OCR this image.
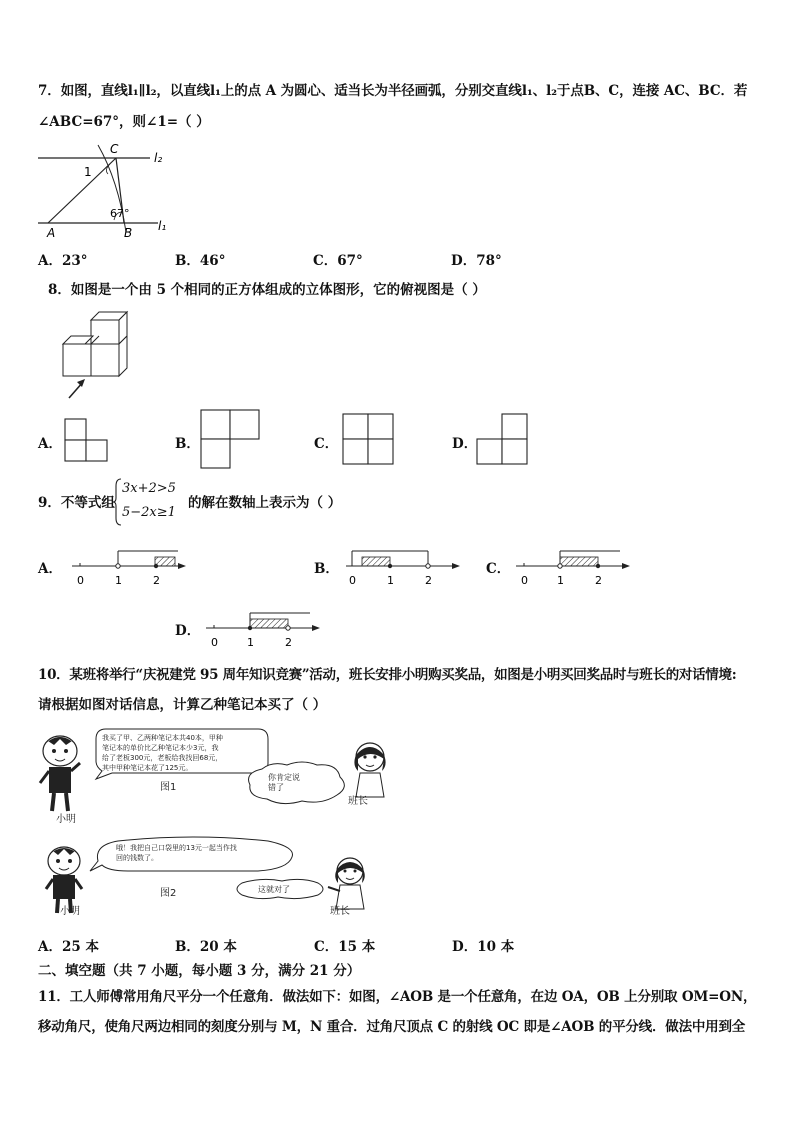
7．如图，直线l₁∥l₂，以直线l₁上的点 A 为圆心、适当长为半径画弧，分别交直线l₁、l₂于点B、C，连接 AC、BC．若
∠ABC=67°，则∠1=（ ）
C
l₂
1
67°
A	B l₁
A．23°	B．46°	C．67°	D．78°
8．如图是一个由 5 个相同的正方体组成的立体图形，它的俯视图是（ ）
A．	B．	C．	D．
9．不等式组
3x+2>5
5−2x≥1
的解在数轴上表示为（ ）
A．
0	1	2
B．
0	1	2
C．
0	1	2
D．
0	1	2
10．某班将举行“庆祝建党 95 周年知识竞赛”活动，班长安排小明购买奖品，如图是小明买回奖品时与班长的对话情境:
请根据如图对话信息，计算乙种笔记本买了（ ）
小明
我买了甲、乙两种笔记本共40本，甲种
笔记本的单价比乙种笔记本少3元，我
给了老板300元，老板给我找回68元，
其中甲种笔记本花了125元。
图1
你肯定说
错了
班长
小明
哦！我把自己口袋里的13元一起当作找
回的钱数了。
图2	这就对了
班长
A．25 本	B．20 本	C．15 本	D．10 本
二、填空题（共 7 小题，每小题 3 分，满分 21 分）
11．工人师傅常用角尺平分一个任意角．做法如下：如图，∠AOB 是一个任意角，在边 OA，OB 上分别取 OM=ON，
移动角尺，使角尺两边相同的刻度分别与 M，N 重合．过角尺顶点 C 的射线 OC 即是∠AOB 的平分线．做法中用到全
